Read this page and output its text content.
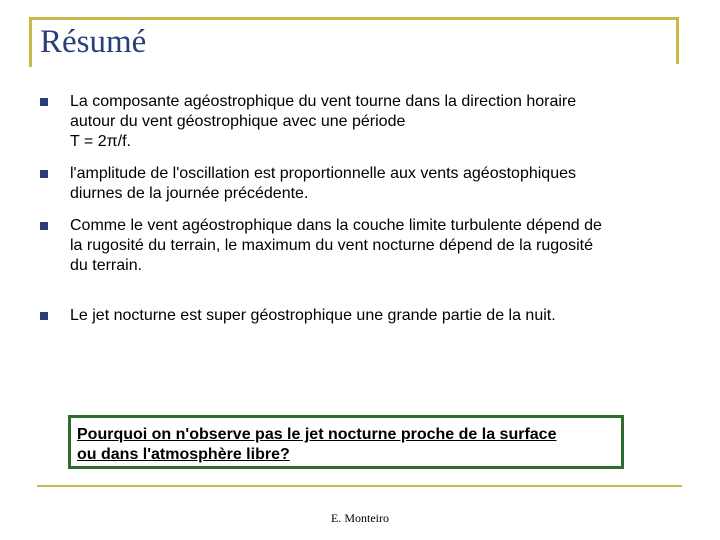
Résumé
La composante agéostrophique du vent tourne dans la direction horaire
autour du vent géostrophique avec une période
T = 2π/f.
l'amplitude de l'oscillation est proportionnelle aux vents agéostophiques
diurnes de la journée précédente.
Comme le vent agéostrophique dans la couche limite turbulente dépend de
la rugosité du terrain, le maximum du vent nocturne dépend de la rugosité
du terrain.
Le jet nocturne est super géostrophique une grande partie de la nuit.
Pourquoi on n'observe pas le jet nocturne proche de la surface
ou dans l'atmosphère libre?
E. Monteiro
